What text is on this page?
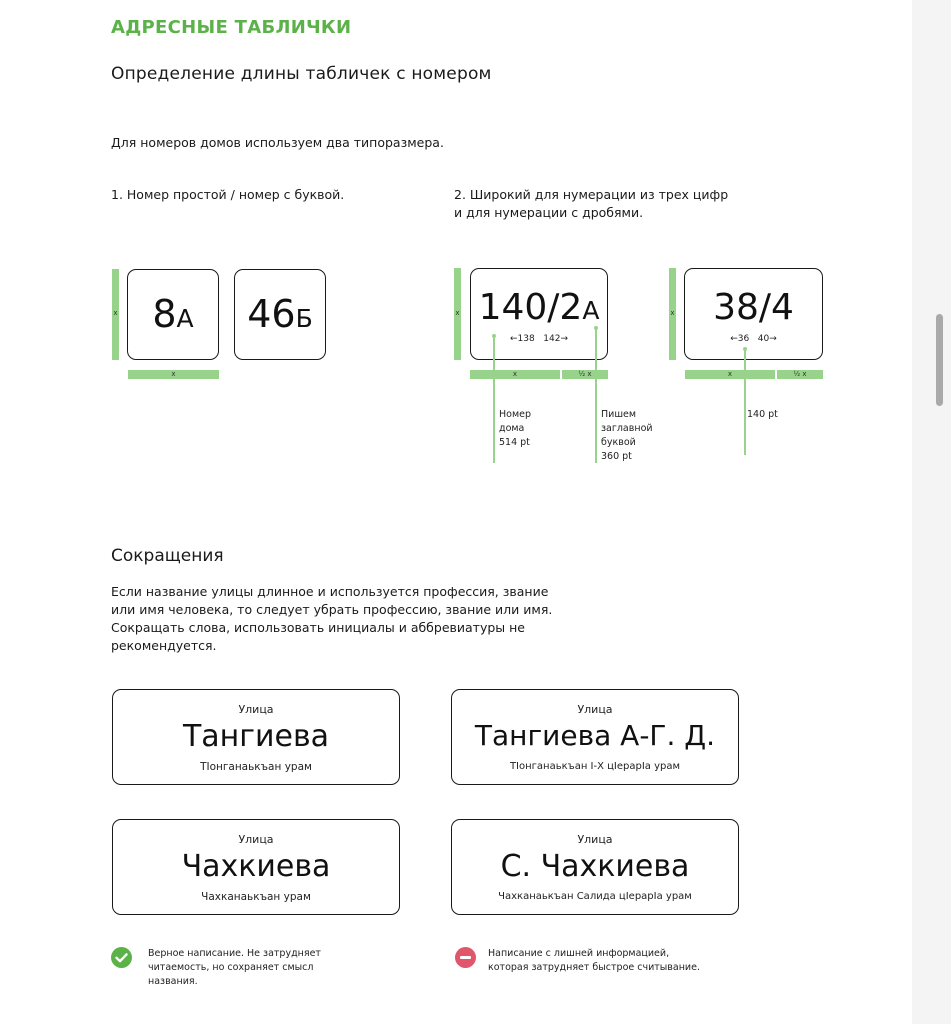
АДРЕСНЫЕ ТАБЛИЧКИ
Определение длины табличек с номером
Для номеров домов используем два типоразмера.
1. Номер простой / номер с буквой.	2. Широкий для нумерации из трех цифр
и для нумерации с дробями.
x 8А	46Б
x
x 140/2А
←138 142→
x	½ x
Номер
дома
514 pt
Пишем
заглавной
буквой
360 pt
x	38/4
←36 40→
x	½ x
140 pt
Сокращения
Если название улицы длинное и используется профессия, звание
или имя человека, то следует убрать профессию, звание или имя.
Сокращать слова, использовать инициалы и аббревиатуры не
рекомендуется.
Улица
Тангиева
ТӀонганаькъан урам
Улица
Тангиева А-Г. Д.
ТӀонганаькъан Ӏ-Х цӀерарӀа урам
Улица
Чахкиева
Чахканаькъан урам
Улица
С. Чахкиева
Чахканаькъан Салида цӀерарӀа урам
Верное написание. Не затрудняет
читаемость, но сохраняет смысл
названия.
Написание с лишней информацией,
которая затрудняет быстрое считывание.
